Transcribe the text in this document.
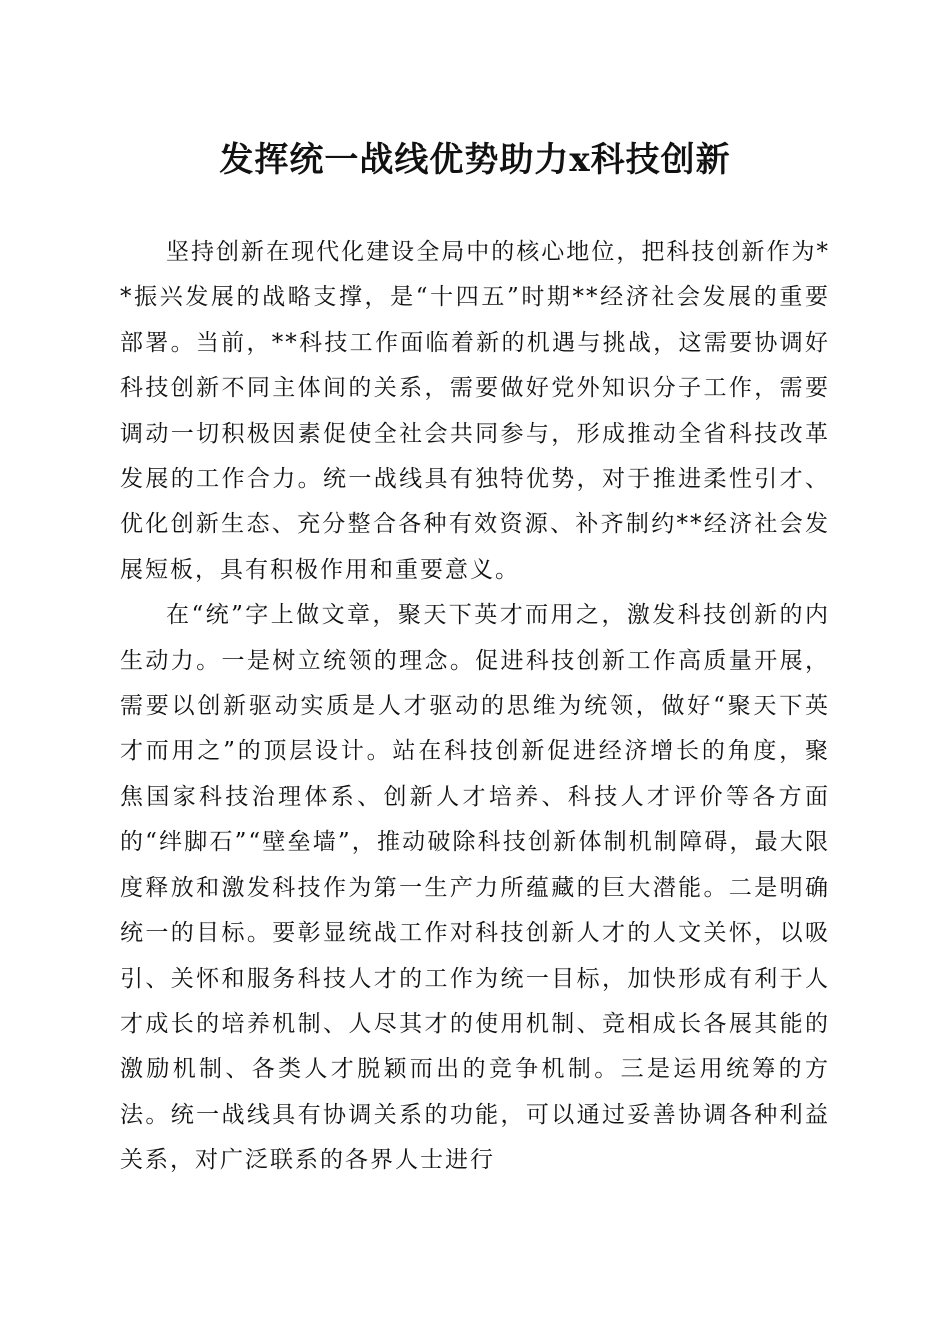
发挥统一战线优势助力x科技创新

坚持创新在现代化建设全局中的核心地位，把科技创新作为**振兴发展的战略支撑，是“十四五”时期**经济社会发展的重要部署。当前，**科技工作面临着新的机遇与挑战，这需要协调好科技创新不同主体间的关系，需要做好党外知识分子工作，需要调动一切积极因素促使全社会共同参与，形成推动全省科技改革发展的工作合力。统一战线具有独特优势，对于推进柔性引才、优化创新生态、充分整合各种有效资源、补齐制约**经济社会发展短板，具有积极作用和重要意义。

在“统”字上做文章，聚天下英才而用之，激发科技创新的内生动力。一是树立统领的理念。促进科技创新工作高质量开展，需要以创新驱动实质是人才驱动的思维为统领，做好“聚天下英才而用之”的顶层设计。站在科技创新促进经济增长的角度，聚焦国家科技治理体系、创新人才培养、科技人才评价等各方面的“绊脚石”“壁垒墙”，推动破除科技创新体制机制障碍，最大限度释放和激发科技作为第一生产力所蕴藏的巨大潜能。二是明确统一的目标。要彰显统战工作对科技创新人才的人文关怀，以吸引、关怀和服务科技人才的工作为统一目标，加快形成有利于人才成长的培养机制、人尽其才的使用机制、竞相成长各展其能的激励机制、各类人才脱颖而出的竞争机制。三是运用统筹的方法。统一战线具有协调关系的功能，可以通过妥善协调各种利益关系，对广泛联系的各界人士进行
